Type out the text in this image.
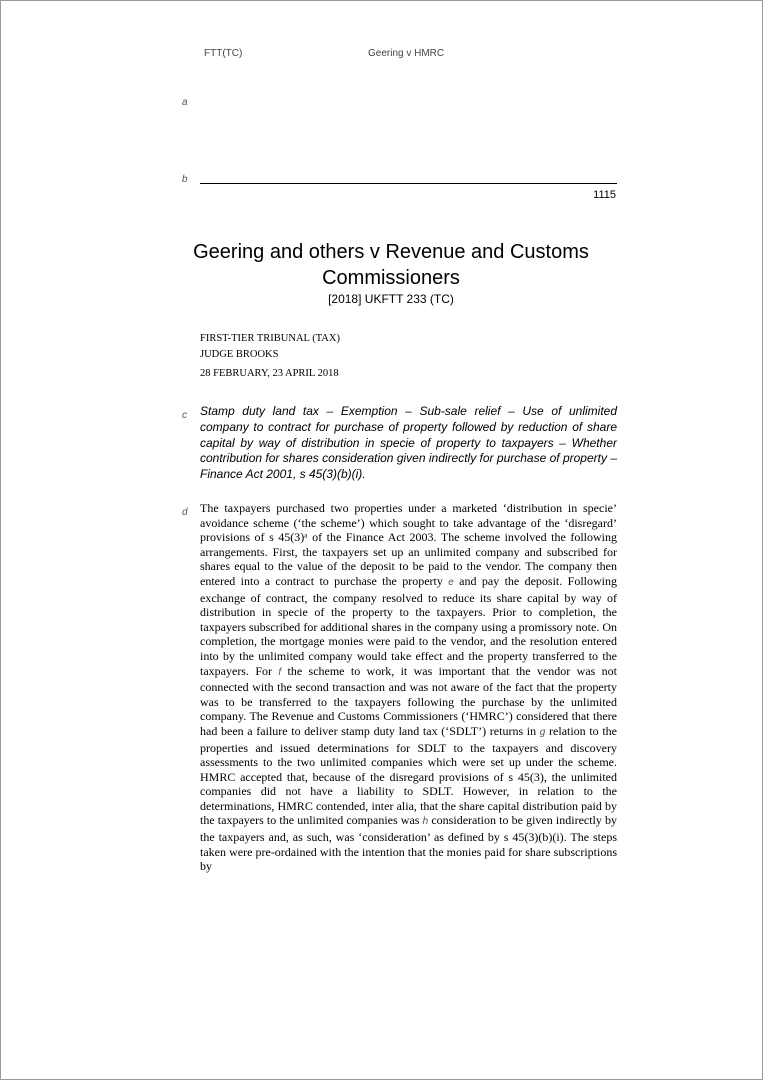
FTT(TC)	Geering v HMRC
a
b
1115
Geering and others v Revenue and Customs Commissioners
[2018] UKFTT 233 (TC)
FIRST-TIER TRIBUNAL (TAX)
JUDGE BROOKS
28 FEBRUARY, 23 APRIL 2018
c Stamp duty land tax – Exemption – Sub-sale relief – Use of unlimited company to contract for purchase of property followed by reduction of share capital by way of distribution in specie of property to taxpayers – Whether contribution for shares consideration given indirectly for purchase of property – Finance Act 2001, s 45(3)(b)(i).
d The taxpayers purchased two properties under a marketed ‘distribution in specie’ avoidance scheme (‘the scheme’) which sought to take advantage of the ‘disregard’ provisions of s 45(3)ᵃ of the Finance Act 2003. The scheme involved the following arrangements. First, the taxpayers set up an unlimited company and subscribed for shares equal to the value of the deposit to be paid to the vendor. The company then entered into a contract to purchase the property e and pay the deposit. Following exchange of contract, the company resolved to reduce its share capital by way of distribution in specie of the property to the taxpayers. Prior to completion, the taxpayers subscribed for additional shares in the company using a promissory note. On completion, the mortgage monies were paid to the vendor, and the resolution entered into by the unlimited company would take effect and the property transferred to the taxpayers. For f the scheme to work, it was important that the vendor was not connected with the second transaction and was not aware of the fact that the property was to be transferred to the taxpayers following the purchase by the unlimited company. The Revenue and Customs Commissioners (‘HMRC’) considered that there had been a failure to deliver stamp duty land tax (‘SDLT’) returns in g relation to the properties and issued determinations for SDLT to the taxpayers and discovery assessments to the two unlimited companies which were set up under the scheme. HMRC accepted that, because of the disregard provisions of s 45(3), the unlimited companies did not have a liability to SDLT. However, in relation to the determinations, HMRC contended, inter alia, that the share capital distribution paid by the taxpayers to the unlimited companies was h consideration to be given indirectly by the taxpayers and, as such, was ‘consideration’ as defined by s 45(3)(b)(i). The steps taken were pre-ordained with the intention that the monies paid for share subscriptions by
